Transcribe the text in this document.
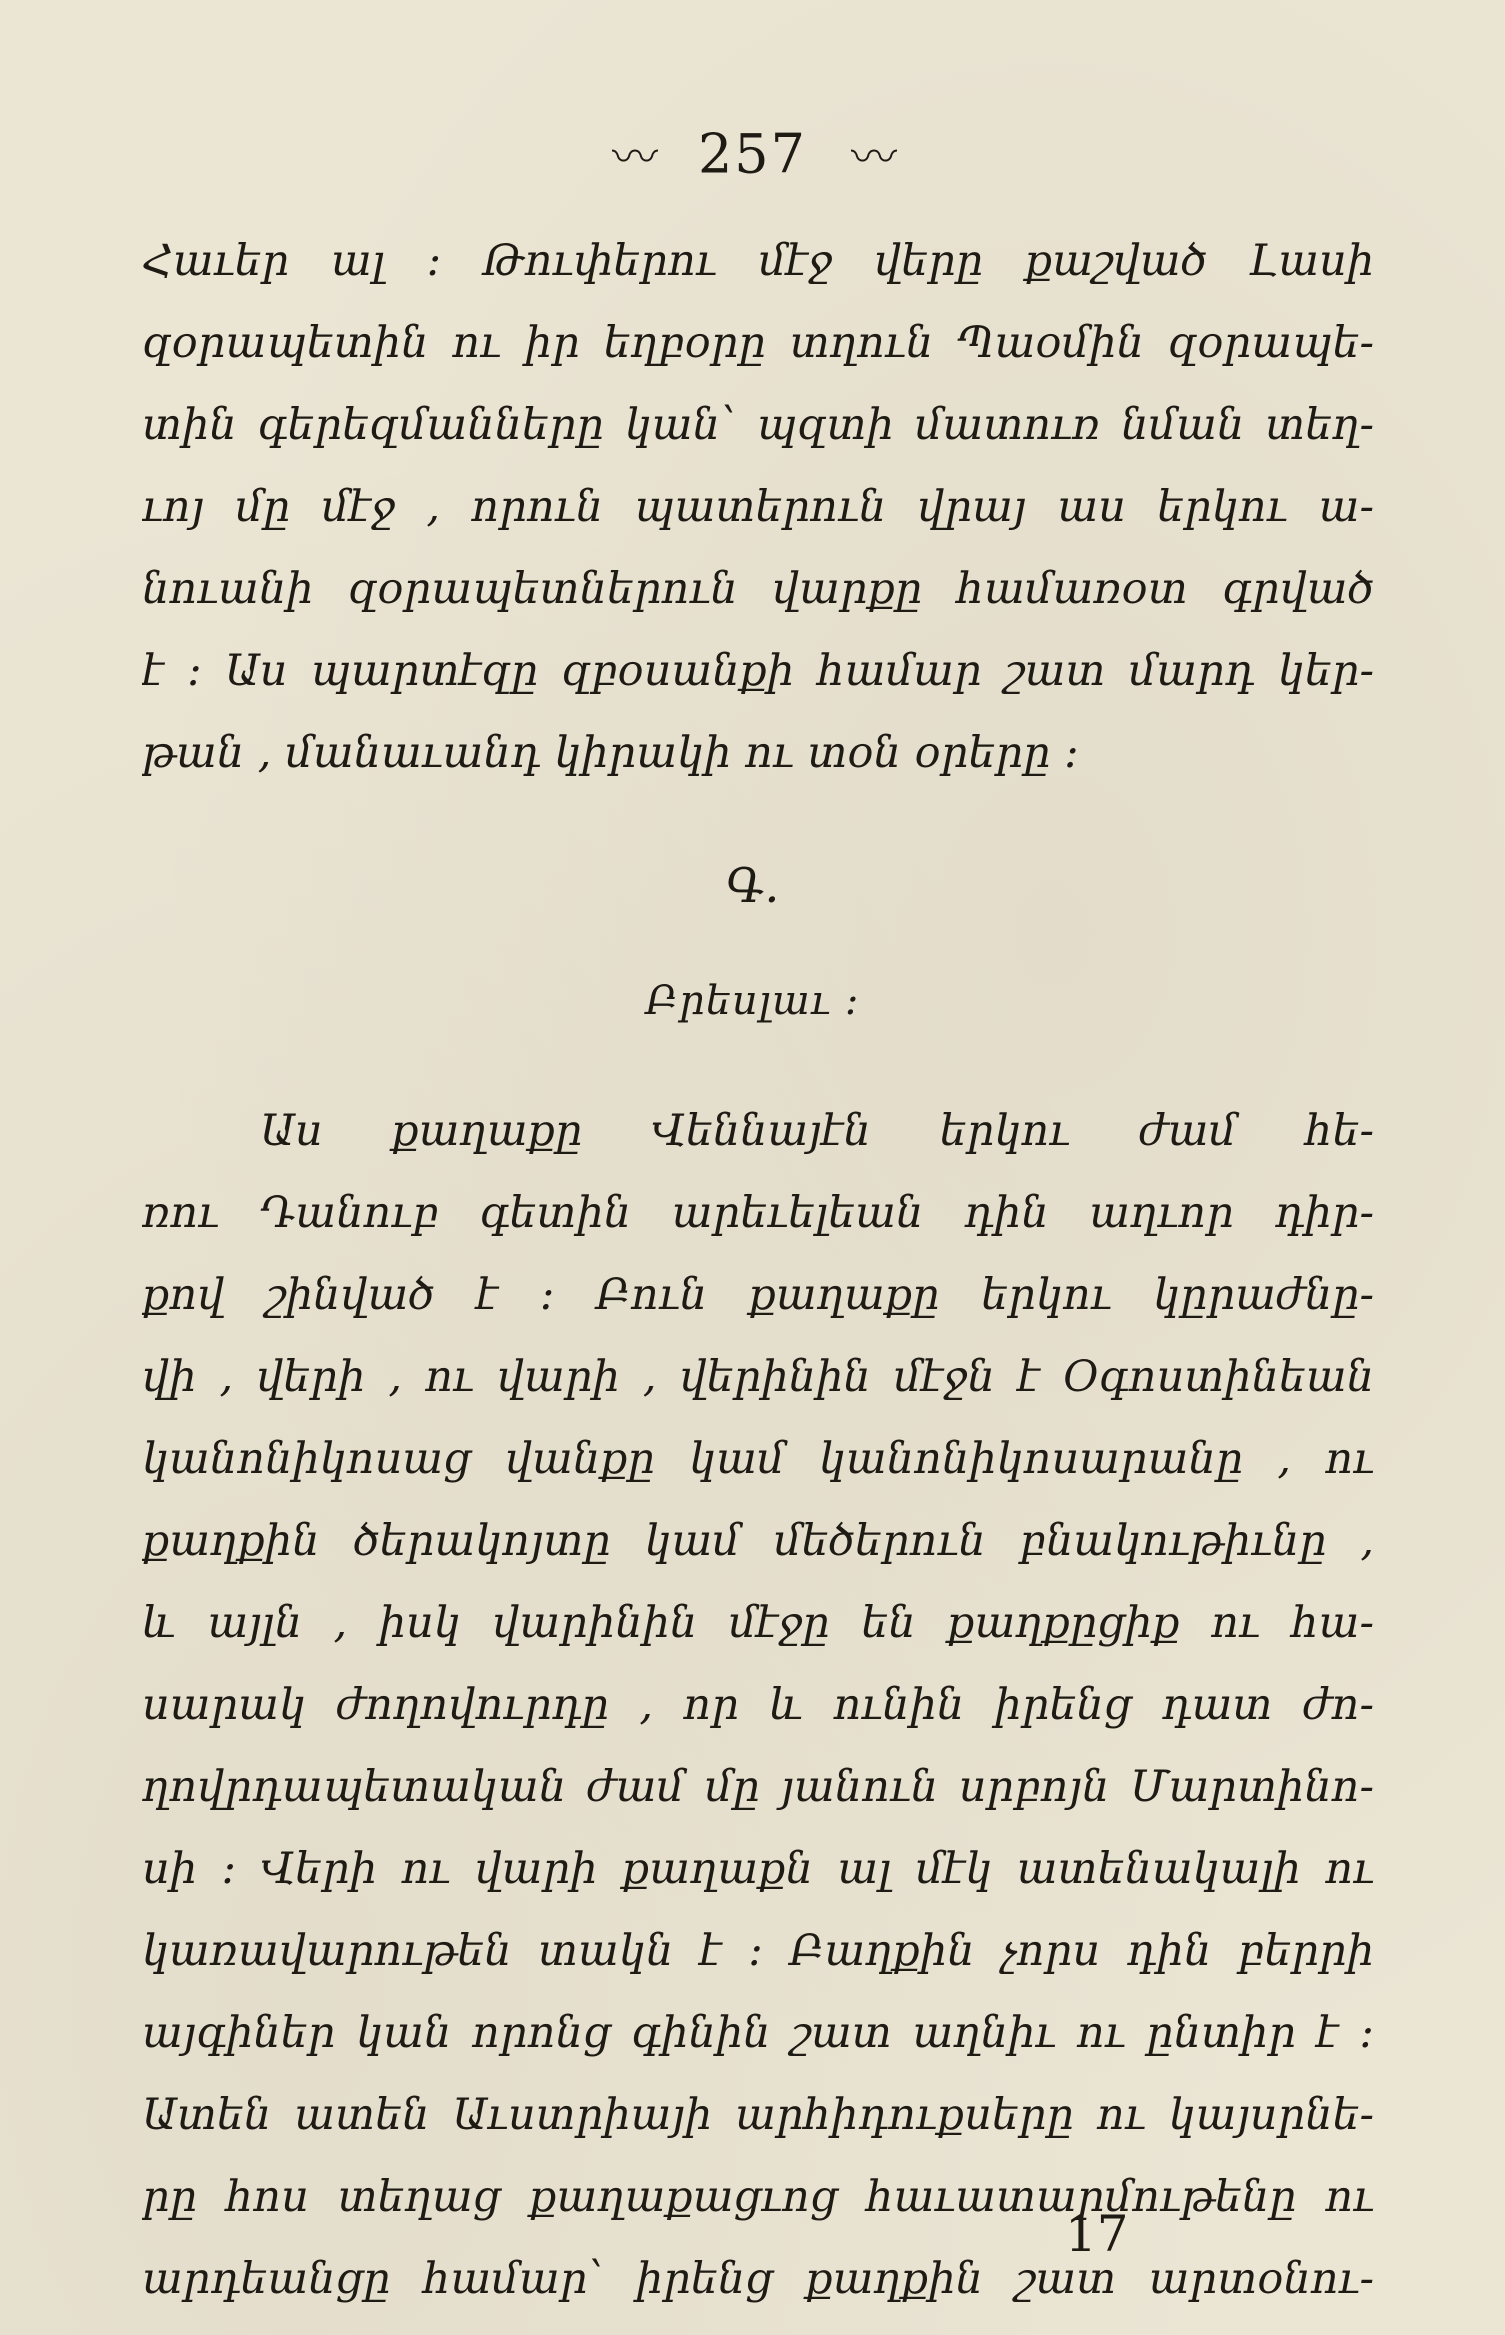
〰 257 〰
Հաւեր ալ ։ Թուփերու մէջ վերը քաշված Լասի
զօրապետին ու իր եղբօրը տղուն Պաօմին զօրապե-
տին գերեզմանները կան՝ պզտի մատուռ նման տեղ-
ւոյ մը մէջ , որուն պատերուն վրայ աս երկու ա-
նուանի զօրապետներուն վարքը համառօտ գրված
է ։ Աս պարտէզը զբօսանքի համար շատ մարդ կեր-
թան , մանաւանդ կիրակի ու տօն օրերը ։
Գ.
Բրեսլաւ ։
Աս քաղաքը Վեննայէն երկու ժամ հե-
ռու Դանուբ գետին արեւելեան դին աղւոր դիր-
քով շինված է ։ Բուն քաղաքը երկու կըրաժնը-
վի , վերի , ու վարի , վերինին մէջն է Օգոստինեան
կանոնիկոսաց վանքը կամ կանոնիկոսարանը , ու
քաղքին ծերակոյտը կամ մեծերուն բնակութիւնը ,
և այլն , իսկ վարինին մէջը են քաղքըցիք ու հա-
սարակ ժողովուրդը , որ և ունին իրենց դատ ժո-
ղովրդապետական ժամ մը յանուն սրբոյն Մարտինո-
սի ։ Վերի ու վարի քաղաքն ալ մէկ ատենակալի ու
կառավարութեն տակն է ։ Բաղքին չորս դին բերրի
այգիներ կան որոնց գինին շատ աղնիւ ու ընտիր է ։
Ատեն ատեն Աւստրիայի արհիդուքսերը ու կայսրնե-
րը հոս տեղաց քաղաքացւոց հաւատարմութենը ու
արդեանցը համար՝ իրենց քաղքին շատ արտօնու-
17
